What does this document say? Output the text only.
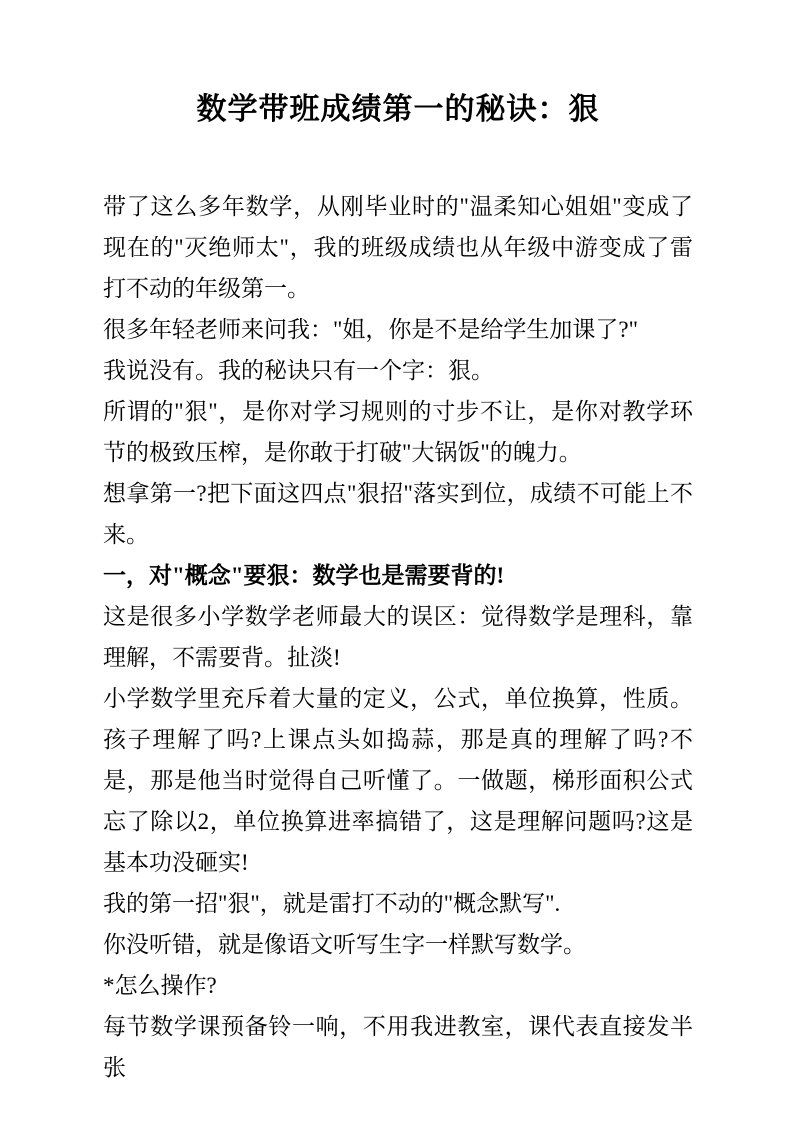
数学带班成绩第一的秘诀：狠

带了这么多年数学，从刚毕业时的"温柔知心姐姐"变成了现在的"灭绝师太"，我的班级成绩也从年级中游变成了雷打不动的年级第一。

很多年轻老师来问我："姐，你是不是给学生加课了?"

我说没有。我的秘诀只有一个字：狠。

所谓的"狠"，是你对学习规则的寸步不让，是你对教学环节的极致压榨，是你敢于打破"大锅饭"的魄力。

想拿第一?把下面这四点"狠招"落实到位，成绩不可能上不来。

一，对"概念"要狠：数学也是需要背的!

这是很多小学数学老师最大的误区：觉得数学是理科，靠理解，不需要背。扯淡!

小学数学里充斥着大量的定义，公式，单位换算，性质。孩子理解了吗?上课点头如捣蒜，那是真的理解了吗?不是，那是他当时觉得自己听懂了。一做题，梯形面积公式忘了除以2，单位换算进率搞错了，这是理解问题吗?这是基本功没砸实!

我的第一招"狠"，就是雷打不动的"概念默写".

你没听错，就是像语文听写生字一样默写数学。

*怎么操作?

每节数学课预备铃一响，不用我进教室，课代表直接发半张
